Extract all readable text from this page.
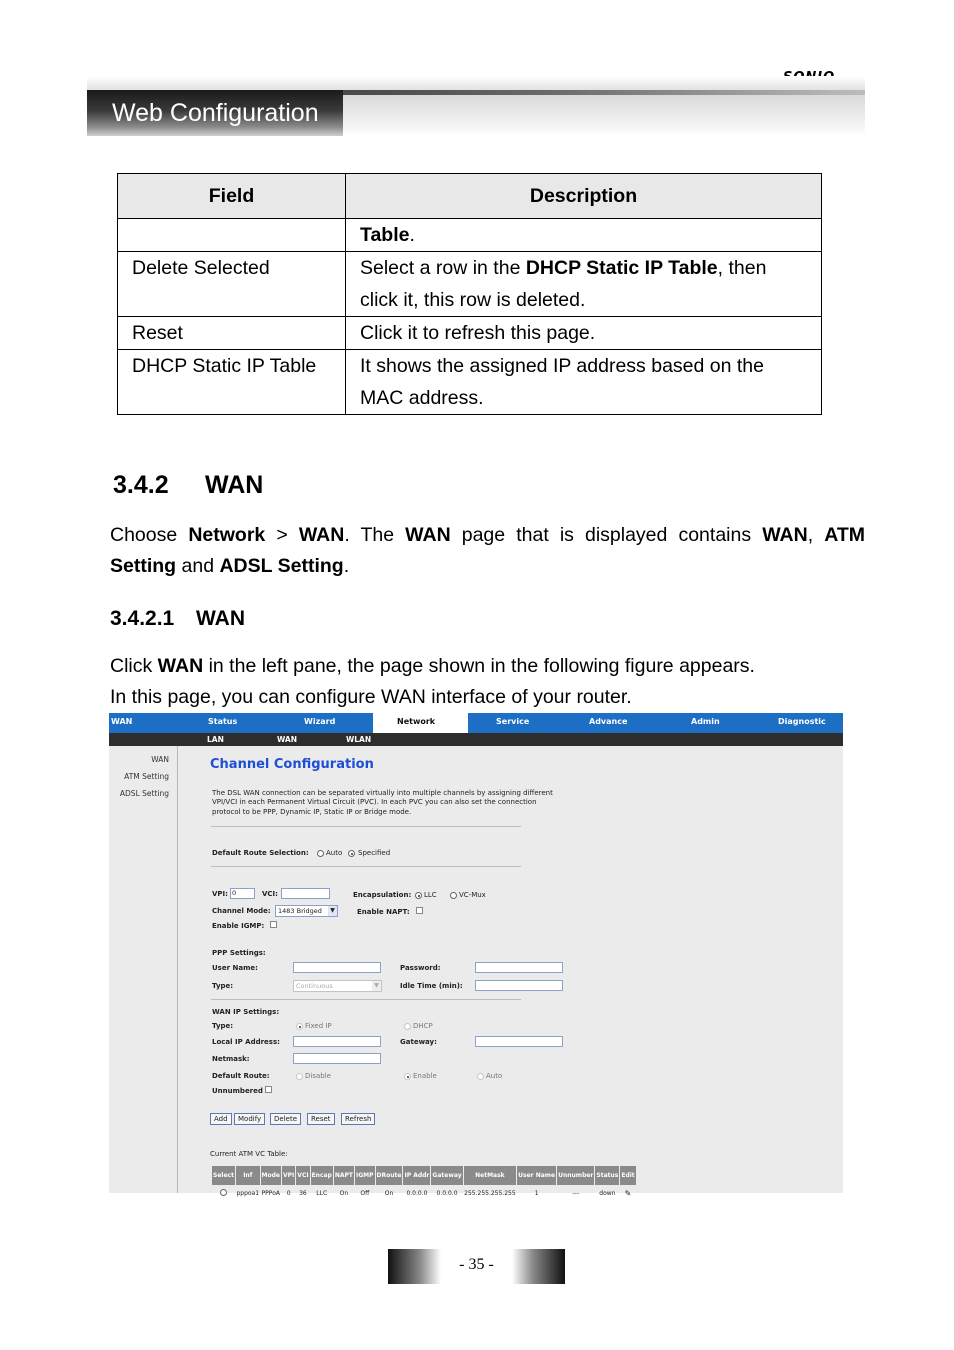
Web Configuration
Field	Description
	Table.
Delete Selected	Select a row in the DHCP Static IP Table, then click it, this row is deleted.
Reset	Click it to refresh this page.
DHCP Static IP Table	It shows the assigned IP address based on the MAC address.
3.4.2 WAN
Choose Network > WAN. The WAN page that is displayed contains WAN, ATM
Setting and ADSL Setting.
3.4.2.1 WAN
Click WAN in the left pane, the page shown in the following figure appears.
In this page, you can configure WAN interface of your router.
WAN	Status	Wizard	Network	Service	Advance	Admin	Diagnostic
LAN	WAN	WLAN
WAN
ATM Setting
ADSL Setting
Channel Configuration
The DSL WAN connection can be separated virtually into multiple channels by assigning different
VPI/VCI in each Permanent Virtual Circuit (PVC). In each PVC you can also set the connection
protocol to be PPP, Dynamic IP, Static IP or Bridge mode.
Default Route Selection: Auto Specified
VPI: 0	VCI:	Encapsulation: LLC	VC-Mux
Channel Mode:	1483 Bridged	▼	Enable NAPT:
Enable IGMP:
PPP Settings:
User Name:	Password:
Type:	Continuous	▼	Idle Time (min):
WAN IP Settings:
Type:	Fixed IP	DHCP
Local IP Address:	Gateway:
Netmask:
Default Route:	Disable	Enable	Auto
Unnumbered
Add	Modify	Delete	Reset	Refresh
Current ATM VC Table:
Select	Inf	Mode	VPI	VCI	Encap	NAPT	IGMP	DRoute	IP Addr	Gateway	NetMask	User Name	Unnumber	Status	Edit
	pppoa1	PPPoA	0	36	LLC	On	Off	On	0.0.0.0	0.0.0.0	255.255.255.255	1	---	down	✎
- 35 -
